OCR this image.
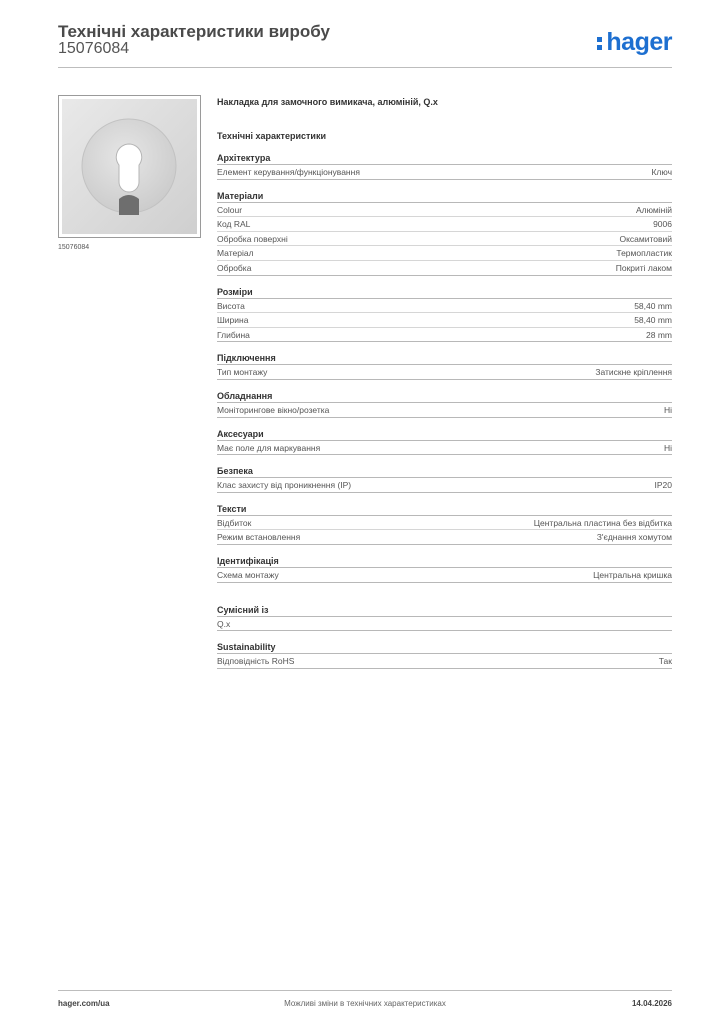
Технічні характеристики виробу
15076084	hager
15076084
Накладка для замочного вимикача, алюміній, Q.x
Технічні характеристики
Архітектура
Елемент керування/функціонування	Ключ
Матеріали
Colour	Алюміній
Код RAL	9006
Обробка поверхні	Оксамитовий
Матеріал	Термопластик
Обробка	Покриті лаком
Розміри
Висота	58,40 mm
Ширина	58,40 mm
Глибина	28 mm
Підключення
Тип монтажу	Затискне кріплення
Обладнання
Моніторингове вікно/розетка	Ні
Аксесуари
Має поле для маркування	Ні
Безпека
Клас захисту від проникнення (IP)	IP20
Тексти
Відбиток	Центральна пластина без відбитка
Режим встановлення	З'єднання хомутом
Ідентифікація
Схема монтажу	Центральна кришка
Сумісний із
Q.x
Sustainability
Відповідність RoHS	Так
hager.com/ua	Можливі зміни в технічних характеристиках	14.04.2026
